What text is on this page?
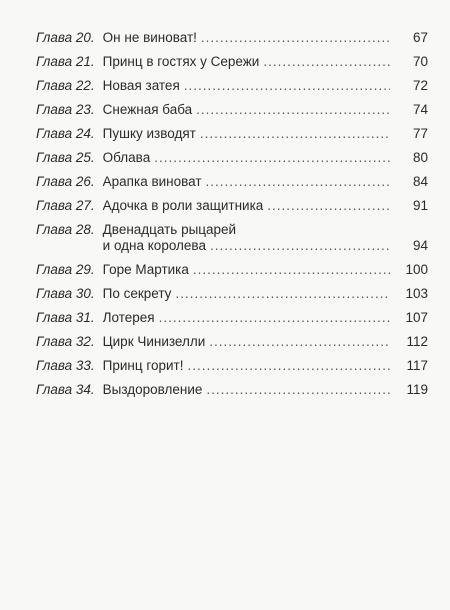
Глава 20. Он не виноват! .....	67
Глава 21. Принц в гостях у Сережи .....	70
Глава 22. Новая затея .....	72
Глава 23. Снежная баба .....	74
Глава 24. Пушку изводят .....	77
Глава 25. Облава .....	80
Глава 26. Арапка виноват .....	84
Глава 27. Адочка в роли защитника .....	91
Глава 28. Двенадцать рыцарей
и одна королева .....	94
Глава 29. Горе Мартика .....	100
Глава 30. По секрету .....	103
Глава 31. Лотерея .....	107
Глава 32. Цирк Чинизелли .....	112
Глава 33. Принц горит! .....	117
Глава 34. Выздоровление .....	119
